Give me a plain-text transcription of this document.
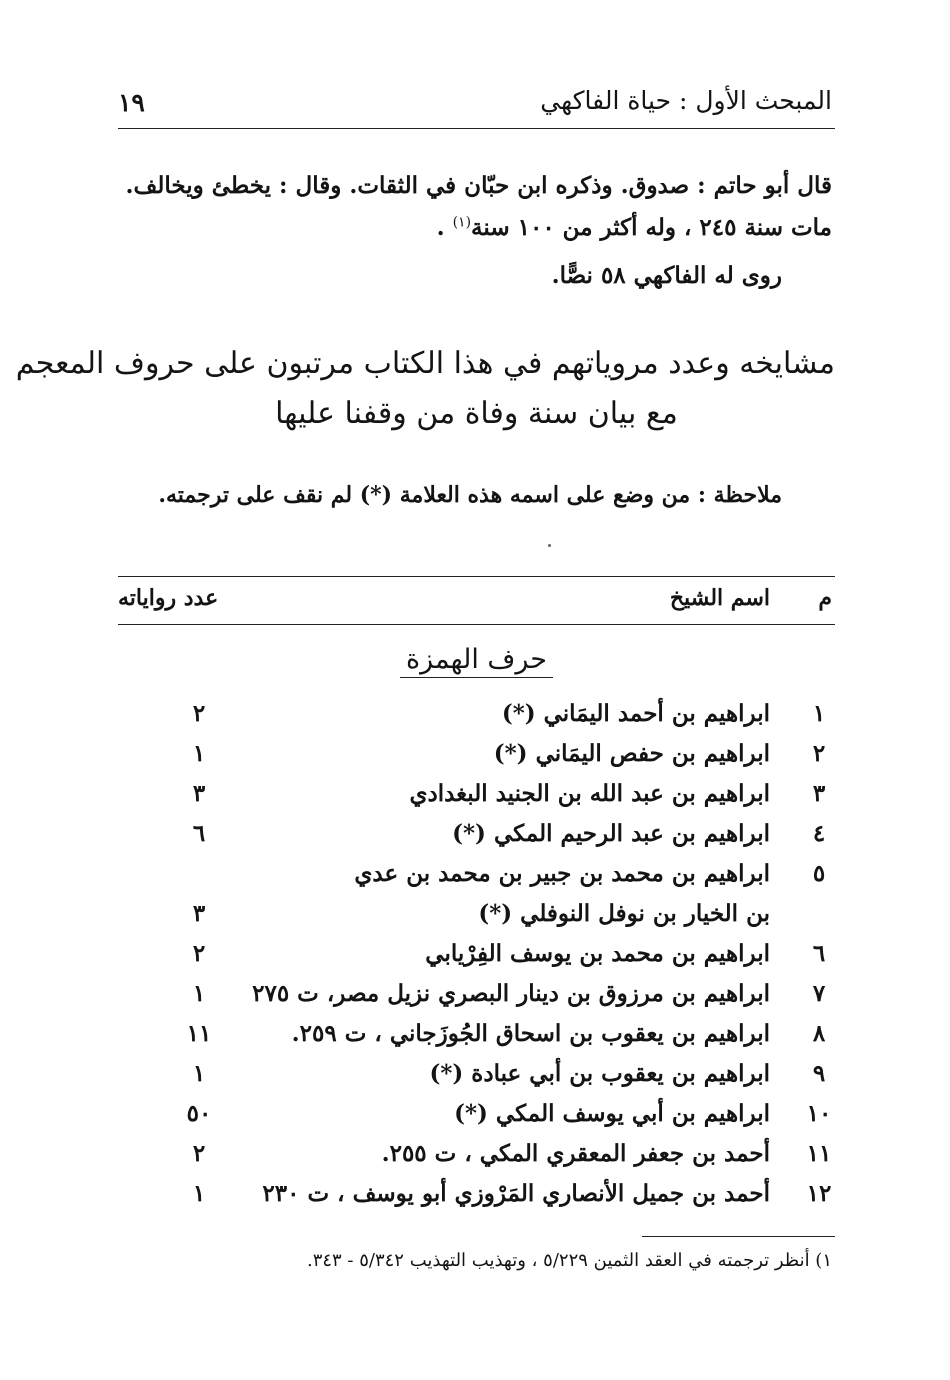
المبحث الأول : حياة الفاكهي
١٩
قال أبو حاتم : صدوق. وذكره ابن حبّان في الثقات. وقال : يخطئ ويخالف.
مات سنة ٢٤٥ ، وله أكثر من ١٠٠ سنة$^{(١)}$ .
روى له الفاكهي ٥٨ نصًّا.
مشايخه وعدد مروياتهم في هذا الكتاب مرتبون على حروف المعجم
مع بيان سنة وفاة من وقفنا عليها
ملاحظة : من وضع على اسمه هذه العلامة (*) لم نقف على ترجمته.
م
اسم الشيخ
عدد رواياته
حرف الهمزة
١
ابراهيم بن أحمد اليمَاني (*)
٢
٢
ابراهيم بن حفص اليمَاني (*)
١
٣
ابراهيم بن عبد الله بن الجنيد البغدادي
٣
٤
ابراهيم بن عبد الرحيم المكي (*)
٦
٥
ابراهيم بن محمد بن جبير بن محمد بن عدي
بن الخيار بن نوفل النوفلي (*)
٣
٦
ابراهيم بن محمد بن يوسف الفِرْيابي
٢
٧
ابراهيم بن مرزوق بن دينار البصري نزيل مصر، ت ٢٧٥
١
٨
ابراهيم بن يعقوب بن اسحاق الجُوزَجاني ، ت ٢٥٩.
١١
٩
ابراهيم بن يعقوب بن أبي عبادة (*)
١
١٠
ابراهيم بن أبي يوسف المكي (*)
٥٠
١١
أحمد بن جعفر المعقري المكي ، ت ٢٥٥.
٢
١٢
أحمد بن جميل الأنصاري المَرْوزي أبو يوسف ، ت ٢٣٠
١
١) أنظر ترجمته في العقد الثمين ٥/٢٢٩ ، وتهذيب التهذيب ٥/٣٤٢ - ٣٤٣.
